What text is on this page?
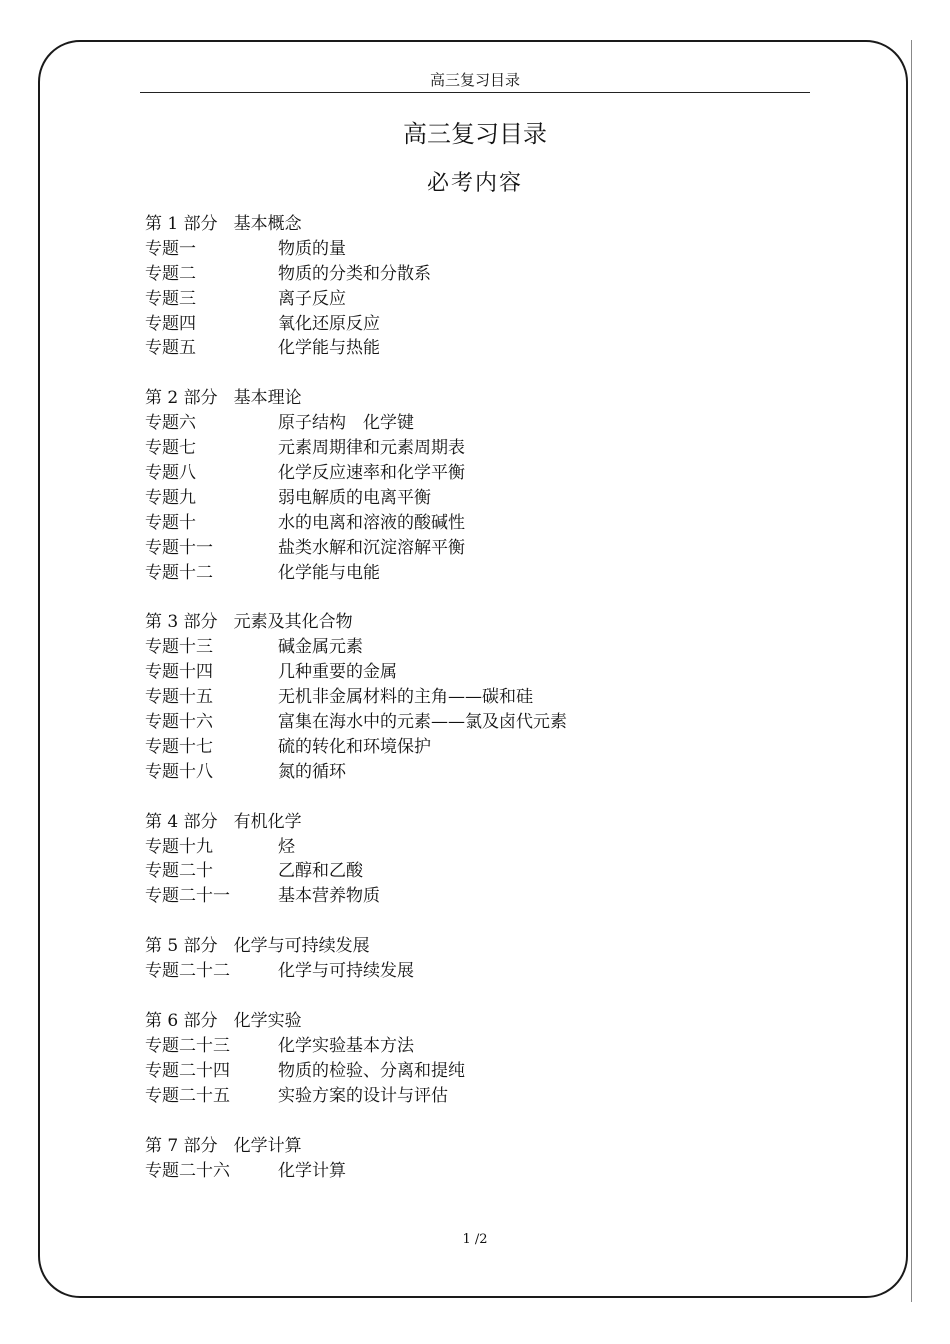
高三复习目录
高三复习目录
必考内容
第 1 部分 基本概念
专题一	物质的量
专题二	物质的分类和分散系
专题三	离子反应
专题四	氧化还原反应
专题五	化学能与热能
第 2 部分 基本理论
专题六	原子结构　化学键
专题七	元素周期律和元素周期表
专题八	化学反应速率和化学平衡
专题九	弱电解质的电离平衡
专题十	水的电离和溶液的酸碱性
专题十一	盐类水解和沉淀溶解平衡
专题十二	化学能与电能
第 3 部分 元素及其化合物
专题十三	碱金属元素
专题十四	几种重要的金属
专题十五	无机非金属材料的主角——碳和硅
专题十六	富集在海水中的元素——氯及卤代元素
专题十七	硫的转化和环境保护
专题十八	氮的循环
第 4 部分 有机化学
专题十九	烃
专题二十	乙醇和乙酸
专题二十一	基本营养物质
第 5 部分 化学与可持续发展
专题二十二	化学与可持续发展
第 6 部分 化学实验
专题二十三	化学实验基本方法
专题二十四	物质的检验、分离和提纯
专题二十五	实验方案的设计与评估
第 7 部分 化学计算
专题二十六	化学计算
1 /2
